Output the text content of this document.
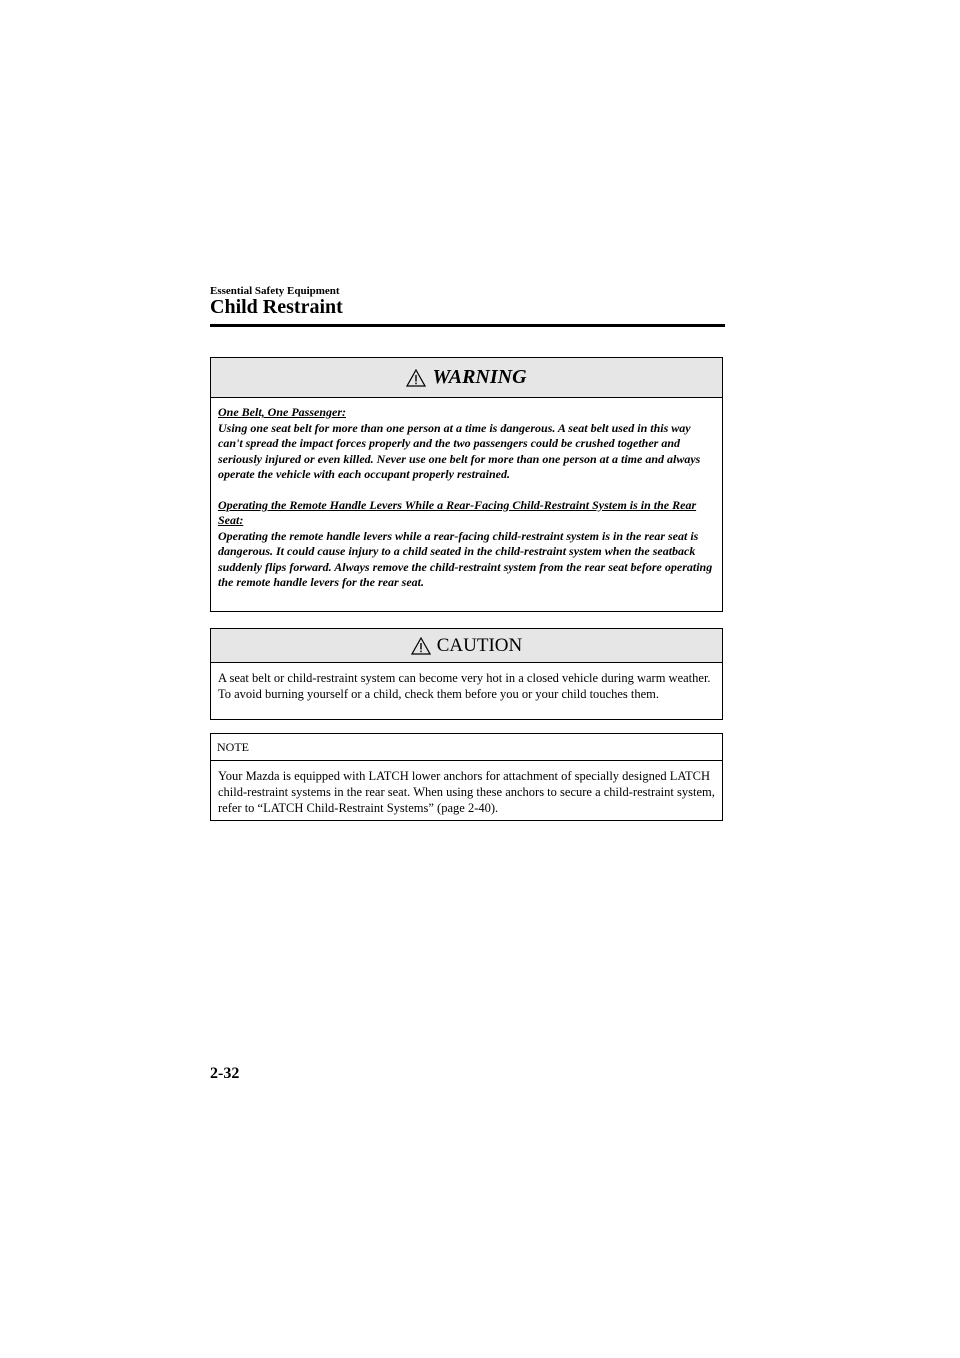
Essential Safety Equipment
Child Restraint
WARNING

One Belt, One Passenger:
Using one seat belt for more than one person at a time is dangerous. A seat belt used in this way can't spread the impact forces properly and the two passengers could be crushed together and seriously injured or even killed. Never use one belt for more than one person at a time and always operate the vehicle with each occupant properly restrained.

Operating the Remote Handle Levers While a Rear-Facing Child-Restraint System is in the Rear Seat:
Operating the remote handle levers while a rear-facing child-restraint system is in the rear seat is dangerous. It could cause injury to a child seated in the child-restraint system when the seatback suddenly flips forward. Always remove the child-restraint system from the rear seat before operating the remote handle levers for the rear seat.

CAUTION
A seat belt or child-restraint system can become very hot in a closed vehicle during warm weather. To avoid burning yourself or a child, check them before you or your child touches them.
NOTE
Your Mazda is equipped with LATCH lower anchors for attachment of specially designed LATCH child-restraint systems in the rear seat. When using these anchors to secure a child-restraint system, refer to “LATCH Child-Restraint Systems” (page 2-40).
2-32
